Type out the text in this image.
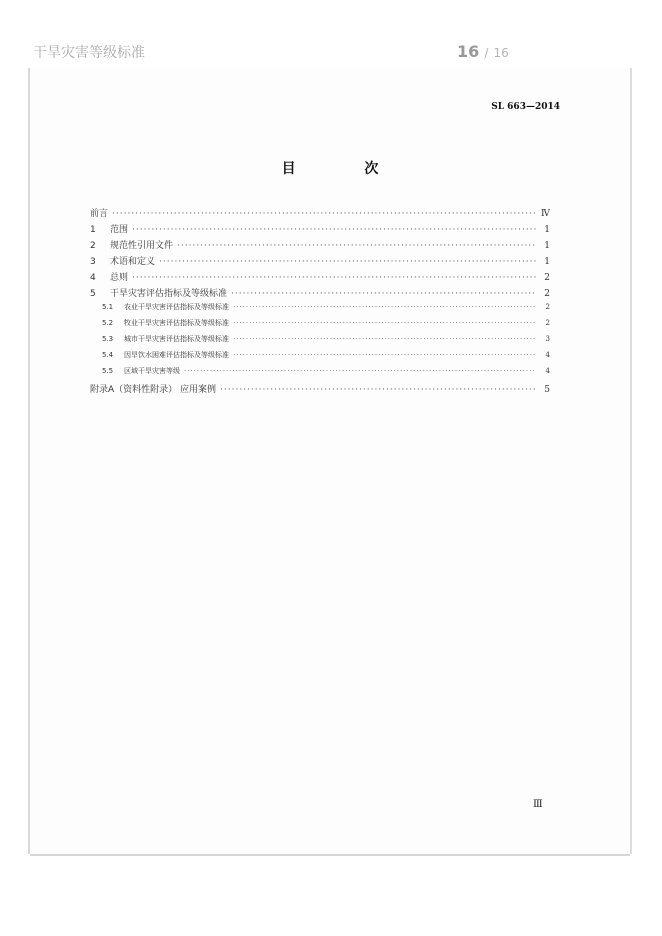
干旱灾害等级标准	16 / 16
SL 663—2014
目 次
前言 ·····	Ⅳ
1	范围 ·····	1
2	规范性引用文件 ·····	1
3	术语和定义 ·····	1
4	总则 ·····	2
5	干旱灾害评估指标及等级标准 ·····	2
5.1	农业干旱灾害评估指标及等级标准 ·····	2
5.2	牧业干旱灾害评估指标及等级标准 ·····	2
5.3	城市干旱灾害评估指标及等级标准 ·····	3
5.4	因旱饮水困难评估指标及等级标准 ·····	4
5.5	区域干旱灾害等级 ·····	4
附录A（资料性附录） 应用案例 ·····	5
Ⅲ
